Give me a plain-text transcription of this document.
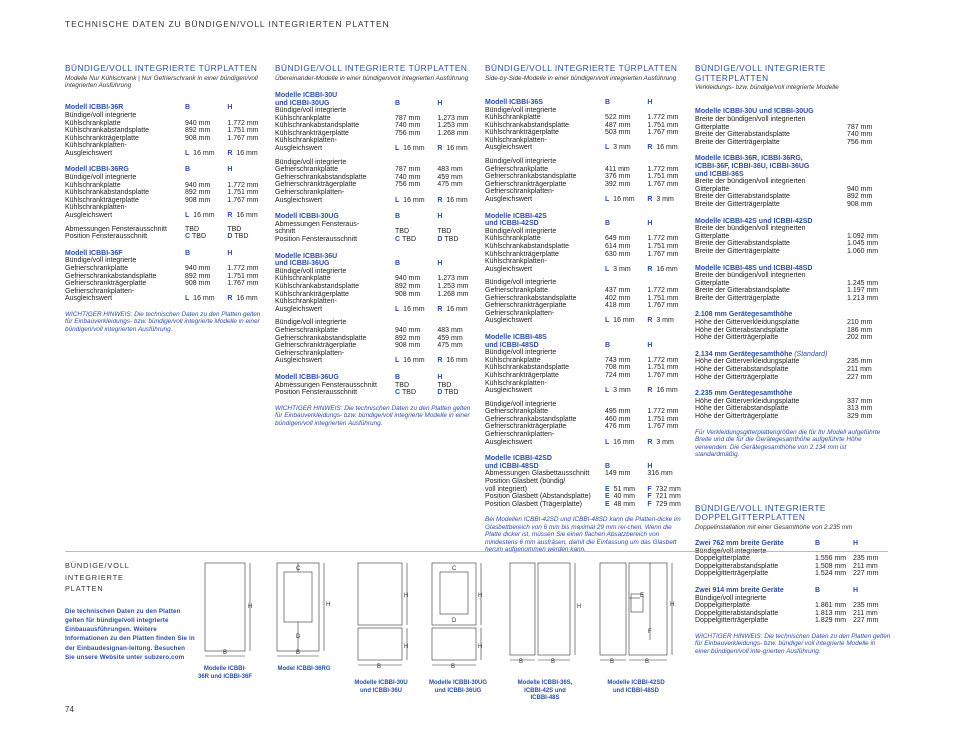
TECHNISCHE DATEN ZU BÜNDIGEN/VOLL INTEGRIERTEN PLATTEN
BÜNDIGE/VOLL INTEGRIERTE TÜRPLATTEN
Modelle Nur Kühlschrank | Nur Gefrierschrank in einer bündigen/voll integrierten Ausführung
Modell ICBBI-36R	B	H
Bündige/voll integrierte
Kühlschrankplatte	940 mm	1.772 mm
Kühlschrankabstandsplatte	892 mm	1.751 mm
Kühlschrankträgerplatte	908 mm	1.767 mm
Kühlschrankplatten-
Ausgleichswert	L 16 mm	R 16 mm
Modell ICBBI-36RG	B	H
Bündige/voll integrierte
Kühlschrankplatte	940 mm	1.772 mm
Kühlschrankabstandsplatte	892 mm	1.751 mm
Kühlschrankträgerplatte	908 mm	1.767 mm
Kühlschrankplatten-
Ausgleichswert	L 16 mm	R 16 mm
Abmessungen Fensterausschnitt	TBD	TBD
Position Fensterausschnitt	C TBD	D TBD
Modell ICBBI-36F	B	H
Bündige/voll integrierte
Gefrierschrankplatte	940 mm	1.772 mm
Gefrierschrankabstandsplatte	892 mm	1.751 mm
Gefrierschrankträgerplatte	908 mm	1.767 mm
Gefrierschrankplatten-
Ausgleichswert	L 16 mm	R 16 mm
WICHTIGER HINWEIS: Die technischen Daten zu den Platten gelten für Einbauverkleidungs- bzw. bündige/voll integrierte Modelle in einer bündigen/voll integrierten Ausführung.
BÜNDIGE/VOLL INTEGRIERTE TÜRPLATTEN
Übereinander-Modelle in einer bündigen/voll integrierten Ausführung
Modelle ICBBI-30U
und ICBBI-30UG	B	H
Bündige/voll integrierte
Kühlschrankplatte	787 mm	1.273 mm
Kühlschrankabstandsplatte	740 mm	1.253 mm
Kühlschrankträgerplatte	756 mm	1.268 mm
Kühlschrankplatten-
Ausgleichswert	L 16 mm	R 16 mm
Bündige/voll integrierte
Gefrierschrankplatte	787 mm	483 mm
Gefrierschrankabstandsplatte	740 mm	459 mm
Gefrierschrankträgerplatte	756 mm	475 mm
Gefrierschrankplatten-
Ausgleichswert	L 16 mm	R 16 mm
Modell ICBBI-30UG	B	H
Abmessungen Fensteraus-
schnitt	TBD	TBD
Position Fensterausschnitt	C TBD	D TBD
Modelle ICBBI-36U
und ICBBI-36UG	B	H
Bündige/voll integrierte
Kühlschrankplatte	940 mm	1.273 mm
Kühlschrankabstandsplatte	892 mm	1.253 mm
Kühlschrankträgerplatte	908 mm	1.268 mm
Kühlschrankplatten-
Ausgleichswert	L 16 mm	R 16 mm
Bündige/voll integrierte
Gefrierschrankplatte	940 mm	483 mm
Gefrierschrankabstandsplatte	892 mm	459 mm
Gefrierschrankträgerplatte	908 mm	475 mm
Gefrierschrankplatten-
Ausgleichswert	L 16 mm	R 16 mm
Modell ICBBI-36UG	B	H
Abmessungen Fensterausschnitt	TBD	TBD
Position Fensterausschnitt	C TBD	D TBD
WICHTIGER HINWEIS: Die technischen Daten zu den Platten gelten für Einbauverkleidungs- bzw. bündige/voll integrierte Modelle in einer bündigen/voll integrierten Ausführung.
BÜNDIGE/VOLL INTEGRIERTE TÜRPLATTEN
Side-by-Side-Modelle in einer bündigen/voll integrierten Ausführung
Modell ICBBI-36S	B	H
Bündige/voll integrierte
Kühlschrankplatte	522 mm	1.772 mm
Kühlschrankabstandsplatte	487 mm	1.751 mm
Kühlschrankträgerplatte	503 mm	1.767 mm
Kühlschrankplatten-
Ausgleichswert	L 3 mm	R 16 mm
Bündige/voll integrierte
Gefrierschrankplatte	411 mm	1.772 mm
Gefrierschrankabstandsplatte	376 mm	1.751 mm
Gefrierschrankträgerplatte	392 mm	1.767 mm
Gefrierschrankplatten-
Ausgleichswert	L 16 mm	R 3 mm
Modelle ICBBI-42S
und ICBBI-42SD	B	H
Bündige/voll integrierte
Kühlschrankplatte	649 mm	1.772 mm
Kühlschrankabstandsplatte	614 mm	1.751 mm
Kühlschrankträgerplatte	630 mm	1.767 mm
Kühlschrankplatten-
Ausgleichswert	L 3 mm	R 16 mm
Bündige/voll integrierte
Gefrierschrankplatte	437 mm	1.772 mm
Gefrierschrankabstandsplatte	402 mm	1.751 mm
Gefrierschrankträgerplatte	418 mm	1.767 mm
Gefrierschrankplatten-
Ausgleichswert	L 16 mm	R 3 mm
Modelle ICBBI-48S
und ICBBI-48SD	B	H
Bündige/voll integrierte
Kühlschrankplatte	743 mm	1.772 mm
Kühlschrankabstandsplatte	708 mm	1.751 mm
Kühlschrankträgerplatte	724 mm	1.767 mm
Kühlschrankplatten-
Ausgleichswert	L 3 mm	R 16 mm
Bündige/voll integrierte
Gefrierschrankplatte	495 mm	1.772 mm
Gefrierschrankabstandsplatte	460 mm	1.751 mm
Gefrierschrankträgerplatte	476 mm	1.767 mm
Gefrierschrankplatten-
Ausgleichswert	L 16 mm	R 3 mm
Modelle ICBBI-42SD
und ICBBI-48SD	B	H
Abmessungen Glasbettausschnitt	149 mm	316 mm
Position Glasbett (bündig/
voll integriert)	E 51 mm	F 732 mm
Position Glasbett (Abstandsplatte)	E 40 mm	F 721 mm
Position Glasbett (Trägerplatte)	E 48 mm	F 729 mm
Bei Modellen ICBBI-42SD und ICBBI-48SD kann die Platten-dicke im Glasbettbereich von 6 mm bis maximal 29 mm rei-chen. Wenn die Platte dicker ist, müssen Sie einen flachen Absatzbereich von mindestens 6 mm ausfräsen, damit die Einfassung um das Glasbett herum aufgenommen werden kann.
BÜNDIGE/VOLL INTEGRIERTE GITTERPLATTEN
Verkleidungs- bzw. bündige/voll integrierte Modelle
Modelle ICBBI-30U und ICBBI-30UG
Breite der bündigen/voll integrierten
Gitterplatte	787 mm
Breite der Gitterabstandsplatte	740 mm
Breite der Gitterträgerplatte	756 mm
Modelle ICBBI-36R, ICBBI-36RG,
ICBBI-36F, ICBBI-36U, ICBBI-36UG
und ICBBI-36S
Breite der bündigen/voll integrierten
Gitterplatte	940 mm
Breite der Gitterabstandsplatte	892 mm
Breite der Gitterträgerplatte	908 mm
Modelle ICBBI-42S und ICBBI-42SD
Breite der bündigen/voll integrierten
Gitterplatte	1.092 mm
Breite der Gitterabstandsplatte	1.045 mm
Breite der Gitterträgerplatte	1.060 mm
Modelle ICBBI-48S und ICBBI-48SD
Breite der bündigen/voll integrierten
Gitterplatte	1.245 mm
Breite der Gitterabstandsplatte	1.197 mm
Breite der Gitterträgerplatte	1.213 mm
2.108 mm Gerätegesamthöhe
Höhe der Gitterverkleidungsplatte	210 mm
Höhe der Gitterabstandsplatte	186 mm
Höhe der Gitterträgerplatte	202 mm
2.134 mm Gerätegesamthöhe (Standard)
Höhe der Gitterverkleidungsplatte	235 mm
Höhe der Gitterabstandsplatte	211 mm
Höhe der Gitterträgerplatte	227 mm
2.235 mm Gerätegesamthöhe
Höhe der Gitterverkleidungsplatte	337 mm
Höhe der Gitterabstandsplatte	313 mm
Höhe der Gitterträgerplatte	329 mm
Für Verkleidungsgitterplattengrößen die für Ihr Modell aufgeführte Breite und die für die Gerätegesamthöhe aufgeführte Höhe verwenden. Die Gerätegesamthöhe von 2.134 mm ist standardmäßig.
BÜNDIGE/VOLL INTEGRIERTE DOPPELGITTERPLATTEN
Doppelinstallation mit einer Gesamthöhe von 2.235 mm
Zwei 762 mm breite Geräte	B	H
Bündige/voll integrierte
Doppelgitterplatte	1.556 mm 235 mm
Doppelgitterabstandsplatte	1.508 mm 211 mm
Doppelgitterträgerplatte	1.524 mm 227 mm
Zwei 914 mm breite Geräte	B	H
Bündige/voll integrierte
Doppelgitterplatte	1.861 mm 235 mm
Doppelgitterabstandsplatte	1.813 mm 211 mm
Doppelgitterträgerplatte	1.829 mm 227 mm
WICHTIGER HINWEIS: Die technischen Daten zu den Platten gelten für Einbauverkleidungs- bzw. bündige/ voll integrierte Modelle in einer bündigen/voll inte-grierten Ausführung.
BÜNDIGE/VOLL
INTEGRIERTE
PLATTEN
Die technischen Daten zu den Platten gelten für bündige/voll integrierte Einbauausführungen. Weitere Informationen zu den Platten finden Sie in der Einbaudesignan-leitung. Besuchen Sie unsere Website unter subzero.com
74
H
B
C
D
H
B
H
H
B
C
D
H
H
B
H
B	B
E
F
H
B	B
Modelle ICBBI-
36R und ICBBI-36F
Model ICBBI-36RG
Modelle ICBBI-30U
und ICBBI-36U
Modelle ICBBI-30UG
und ICBBI-36UG
Modelle ICBBI-36S,
ICBBI-42S und
ICBBI-48S
Modelle ICBBI-42SD
und ICBBI-48SD
